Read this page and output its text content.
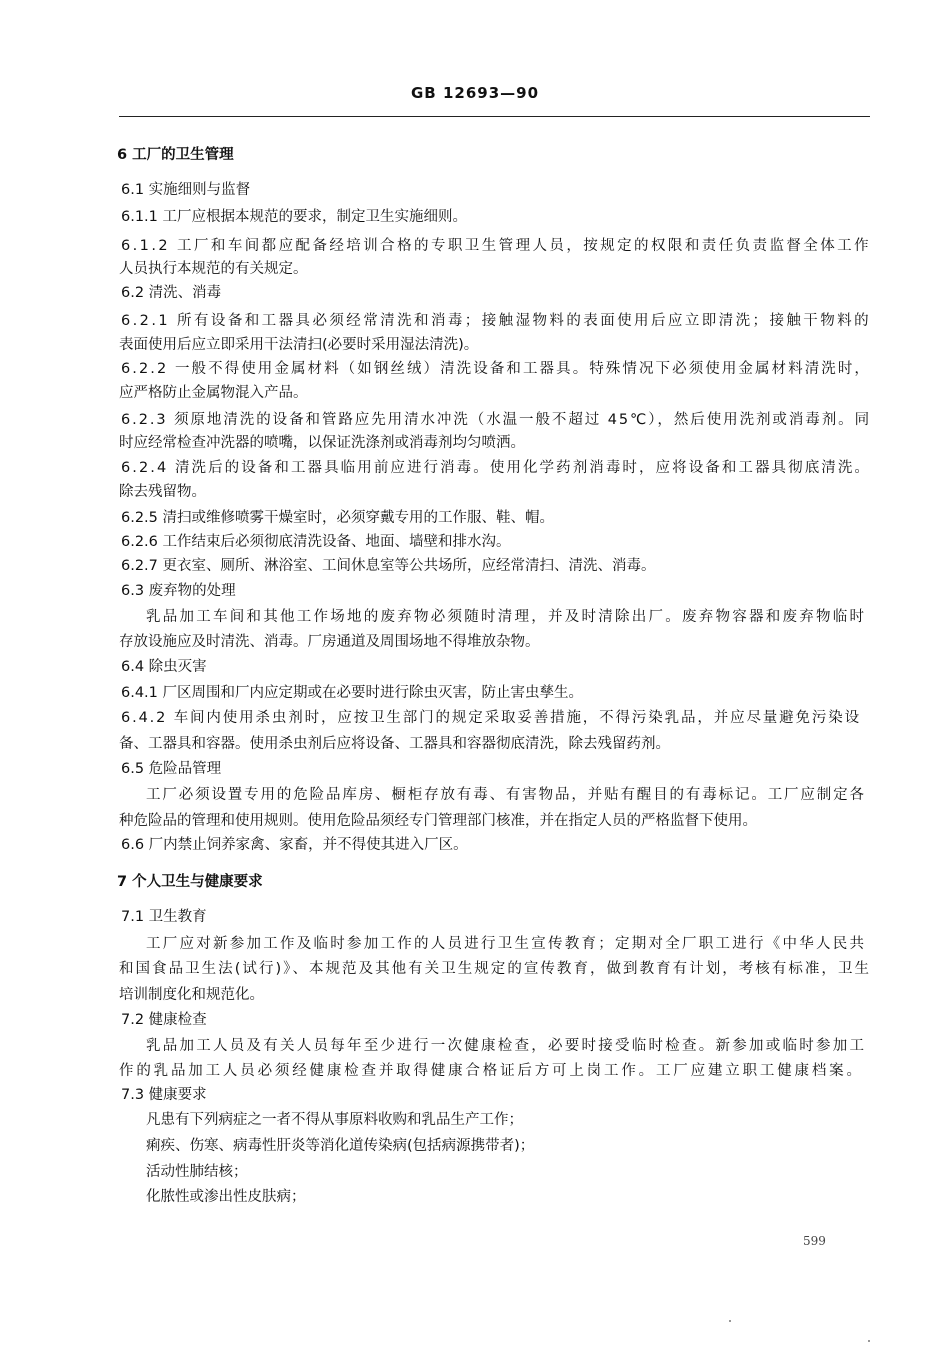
GB 12693—90
6 工厂的卫生管理
6.1 实施细则与监督
6.1.1 工厂应根据本规范的要求，制定卫生实施细则。
6.1.2 工厂和车间都应配备经培训合格的专职卫生管理人员，按规定的权限和责任负责监督全体工作
人员执行本规范的有关规定。
6.2 清洗、消毒
6.2.1 所有设备和工器具必须经常清洗和消毒；接触湿物料的表面使用后应立即清洗；接触干物料的
表面使用后应立即采用干法清扫(必要时采用湿法清洗)。
6.2.2 一般不得使用金属材料（如钢丝绒）清洗设备和工器具。特殊情况下必须使用金属材料清洗时，
应严格防止金属物混入产品。
6.2.3 须原地清洗的设备和管路应先用清水冲洗（水温一般不超过 45℃），然后使用洗剂或消毒剂。同
时应经常检查冲洗器的喷嘴，以保证洗涤剂或消毒剂均匀喷洒。
6.2.4 清洗后的设备和工器具临用前应进行消毒。使用化学药剂消毒时，应将设备和工器具彻底清洗。
除去残留物。
6.2.5 清扫或维修喷雾干燥室时，必须穿戴专用的工作服、鞋、帽。
6.2.6 工作结束后必须彻底清洗设备、地面、墙壁和排水沟。
6.2.7 更衣室、厕所、淋浴室、工间休息室等公共场所，应经常清扫、清洗、消毒。
6.3 废弃物的处理
乳品加工车间和其他工作场地的废弃物必须随时清理，并及时清除出厂。废弃物容器和废弃物临时
存放设施应及时清洗、消毒。厂房通道及周围场地不得堆放杂物。
6.4 除虫灭害
6.4.1 厂区周围和厂内应定期或在必要时进行除虫灭害，防止害虫孳生。
6.4.2 车间内使用杀虫剂时，应按卫生部门的规定采取妥善措施，不得污染乳品，并应尽量避免污染设
备、工器具和容器。使用杀虫剂后应将设备、工器具和容器彻底清洗，除去残留药剂。
6.5 危险品管理
工厂必须设置专用的危险品库房、橱柜存放有毒、有害物品，并贴有醒目的有毒标记。工厂应制定各
种危险品的管理和使用规则。使用危险品须经专门管理部门核准，并在指定人员的严格监督下使用。
6.6 厂内禁止饲养家禽、家畜，并不得使其进入厂区。
7 个人卫生与健康要求
7.1 卫生教育
工厂应对新参加工作及临时参加工作的人员进行卫生宣传教育；定期对全厂职工进行《中华人民共
和国食品卫生法(试行)》、本规范及其他有关卫生规定的宣传教育，做到教育有计划，考核有标准，卫生
培训制度化和规范化。
7.2 健康检查
乳品加工人员及有关人员每年至少进行一次健康检查，必要时接受临时检查。新参加或临时参加工
作的乳品加工人员必须经健康检查并取得健康合格证后方可上岗工作。工厂应建立职工健康档案。
7.3 健康要求
凡患有下列病症之一者不得从事原料收购和乳品生产工作；
痢疾、伤寒、病毒性肝炎等消化道传染病(包括病源携带者)；
活动性肺结核；
化脓性或渗出性皮肤病；
599
